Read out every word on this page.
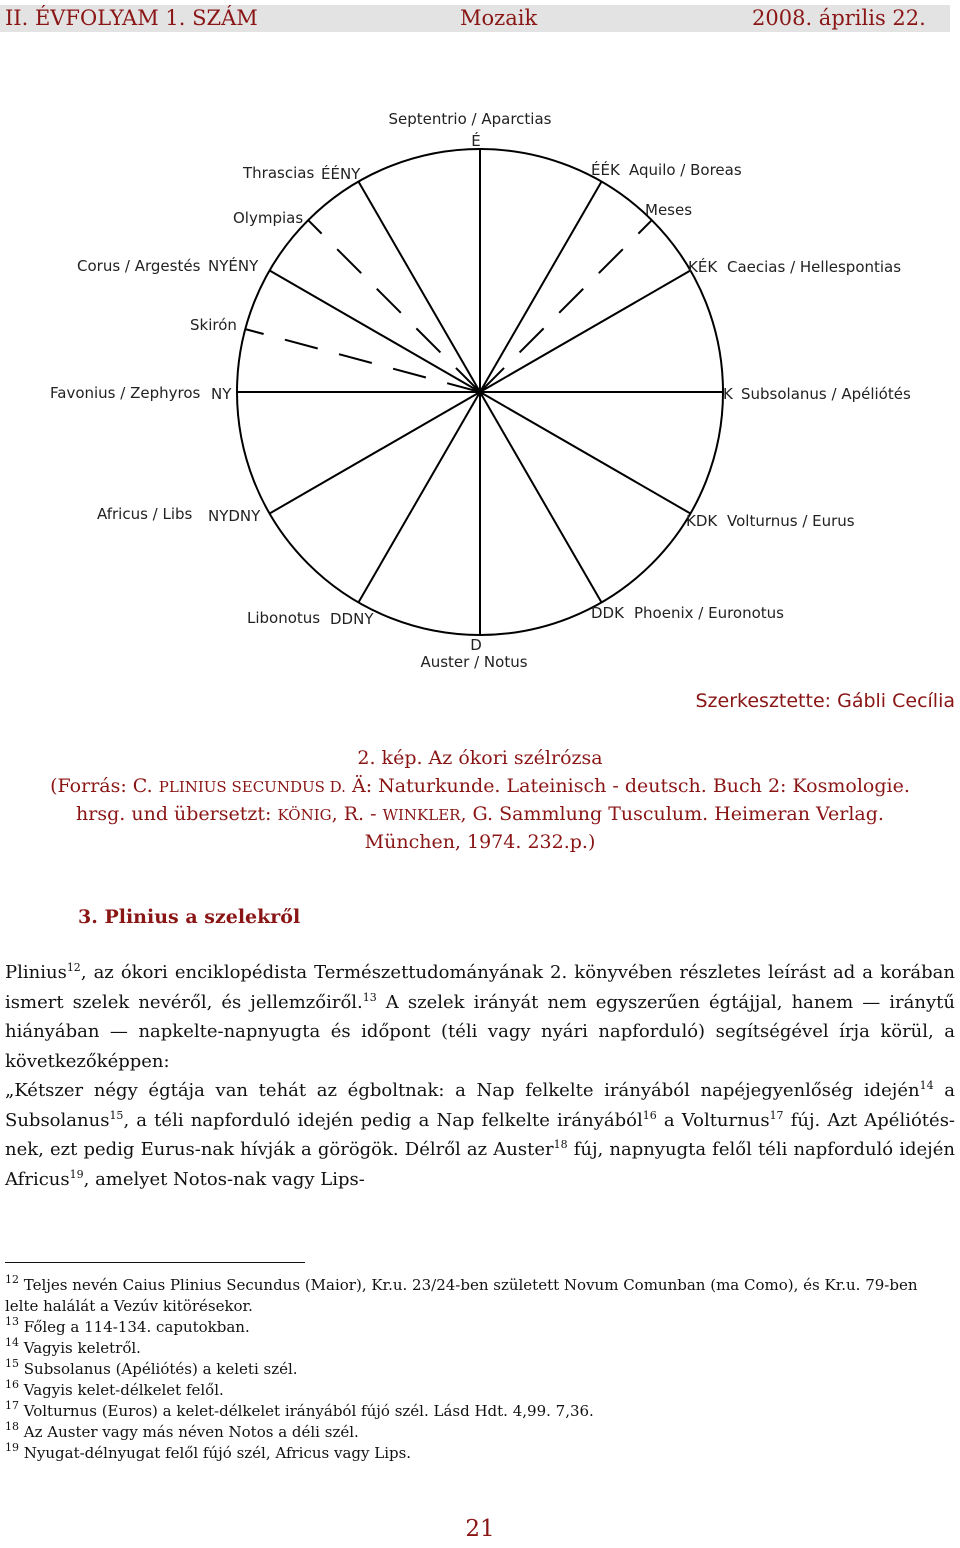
II. ÉVFOLYAM 1. SZÁM	Mozaik	2008. április 22.
Septentrio / Aparctias
É
Thrascias ÉÉNY	ÉÉK Aquilo / Boreas
Olympias	Meses
Corus / Argestés NYÉNY	KÉK Caecias / Hellespontias
Skirón
Favonius / Zephyros NY	K Subsolanus / Apéliótés
Africus / Libs NYDNY	KDK Volturnus / Eurus
Libonotus DDNY	DDK Phoenix / Euronotus
D
Auster / Notus
Szerkesztette: Gábli Cecília
2. kép. Az ókori szélrózsa
(Forrás: C. PLINIUS SECUNDUS D. Ä: Naturkunde. Lateinisch - deutsch. Buch 2: Kosmologie.
hrsg. und übersetzt: KÖNIG, R. - WINKLER, G. Sammlung Tusculum. Heimeran Verlag.
München, 1974. 232.p.)
3. Plinius a szelekről

Plinius$^{12}$, az ókori enciklopédista Természettudományának 2. könyvében részletes leírást ad a korában ismert szelek nevéről, és jellemzőiről.$^{13}$ A szelek irányát nem egyszerűen égtájjal, hanem — iránytű hiányában — napkelte-napnyugta és időpont (téli vagy nyári napforduló) segítségével írja körül, a következőképpen:

„Kétszer négy égtája van tehát az égboltnak: a Nap felkelte irányából napéjegyenlőség idején$^{14}$ a Subsolanus$^{15}$, a téli napforduló idején pedig a Nap felkelte irányából$^{16}$ a Volturnus$^{17}$ fúj. Azt Apéliótés-nek, ezt pedig Eurus-nak hívják a görögök. Délről az Auster$^{18}$ fúj, napnyugta felől téli napforduló idején Africus$^{19}$, amelyet Notos-nak vagy Lips-

$^{12}$ Teljes nevén Caius Plinius Secundus (Maior), Kr.u. 23/24-ben született Novum Comunban (ma Como), és Kr.u. 79-ben lelte halálát a Vezúv kitörésekor.

$^{13}$ Főleg a 114-134. caputokban.

$^{14}$ Vagyis keletről.

$^{15}$ Subsolanus (Apéliótés) a keleti szél.

$^{16}$ Vagyis kelet-délkelet felől.

$^{17}$ Volturnus (Euros) a kelet-délkelet irányából fújó szél. Lásd Hdt. 4,99. 7,36.

$^{18}$ Az Auster vagy más néven Notos a déli szél.

$^{19}$ Nyugat-délnyugat felől fújó szél, Africus vagy Lips.

21
